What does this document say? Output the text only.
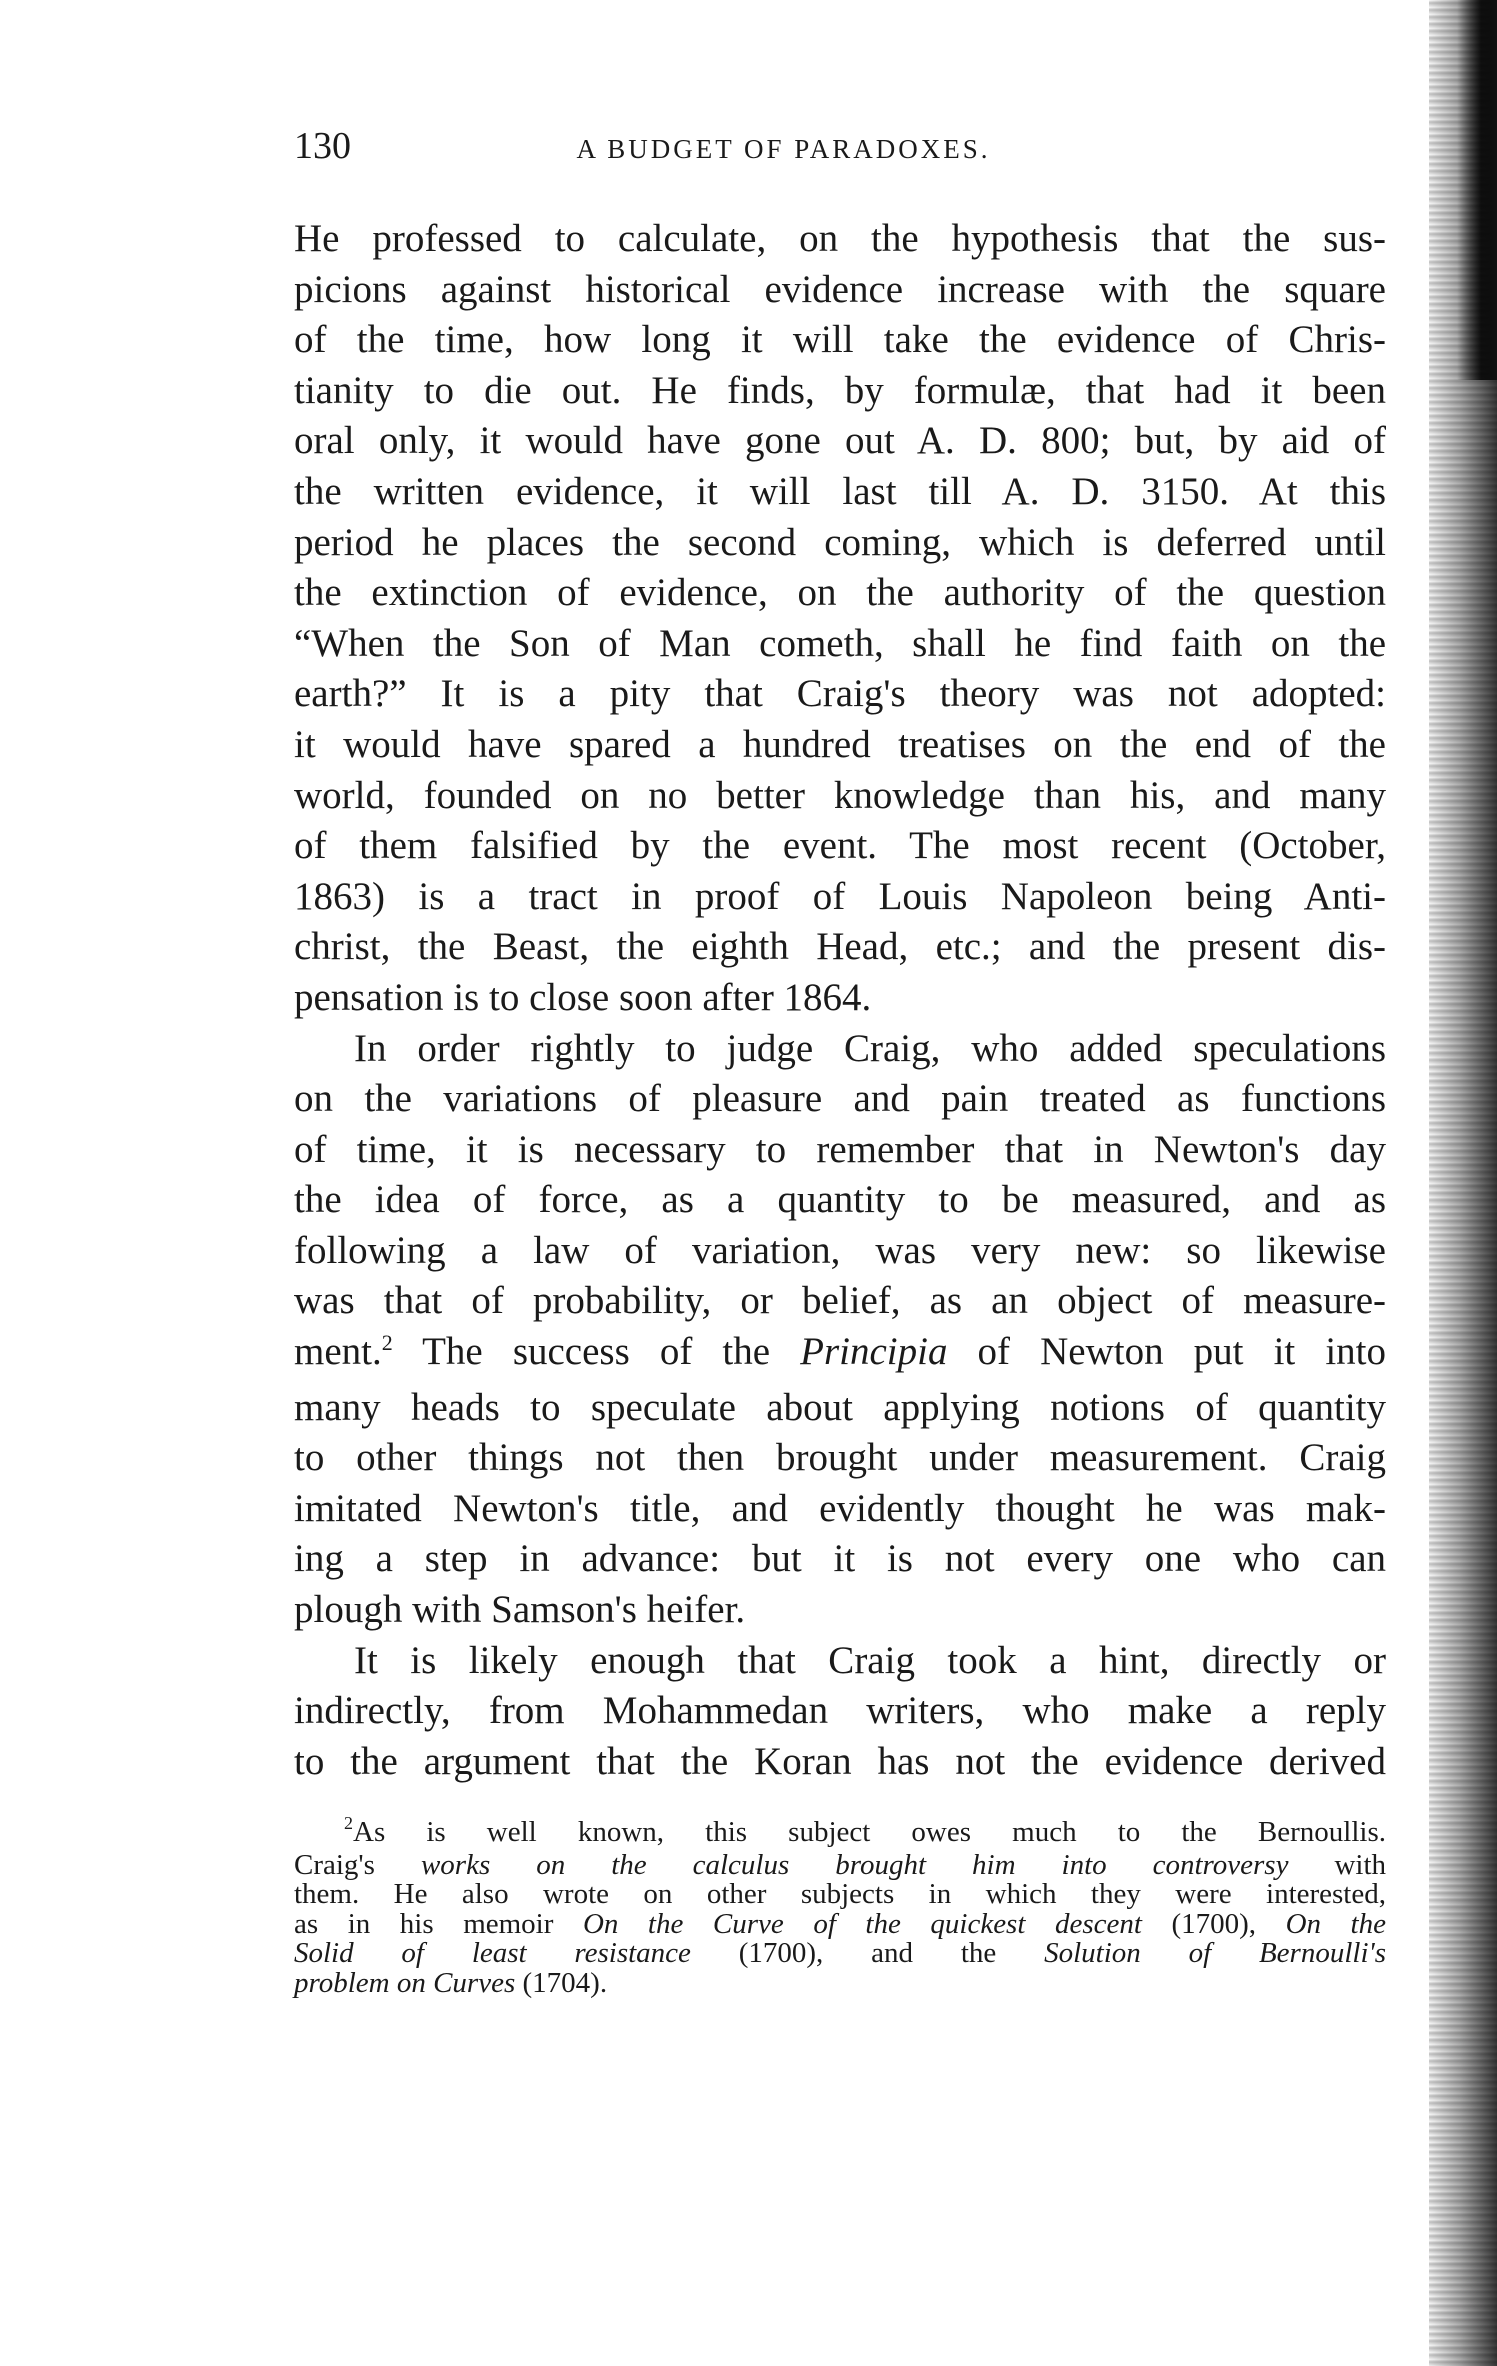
130	A BUDGET OF PARADOXES.

He professed to calculate, on the hypothesis that the sus-
picions against historical evidence increase with the square
of the time, how long it will take the evidence of Chris-
tianity to die out. He finds, by formulæ, that had it been
oral only, it would have gone out A. D. 800; but, by aid of
the written evidence, it will last till A. D. 3150. At this
period he places the second coming, which is deferred until
the extinction of evidence, on the authority of the question
“When the Son of Man cometh, shall he find faith on the
earth?” It is a pity that Craig's theory was not adopted:
it would have spared a hundred treatises on the end of the
world, founded on no better knowledge than his, and many
of them falsified by the event. The most recent (October,
1863) is a tract in proof of Louis Napoleon being Anti-
christ, the Beast, the eighth Head, etc.; and the present dis-
pensation is to close soon after 1864.

In order rightly to judge Craig, who added speculations
on the variations of pleasure and pain treated as functions
of time, it is necessary to remember that in Newton's day
the idea of force, as a quantity to be measured, and as
following a law of variation, was very new: so likewise
was that of probability, or belief, as an object of measure-
ment.$^2$ The success of the Principia of Newton put it into
many heads to speculate about applying notions of quantity
to other things not then brought under measurement. Craig
imitated Newton's title, and evidently thought he was mak-
ing a step in advance: but it is not every one who can
plough with Samson's heifer.

It is likely enough that Craig took a hint, directly or
indirectly, from Mohammedan writers, who make a reply
to the argument that the Koran has not the evidence derived

$^2$As is well known, this subject owes much to the Bernoullis.
Craig's works on the calculus brought him into controversy with
them. He also wrote on other subjects in which they were interested,
as in his memoir On the Curve of the quickest descent (1700), On the
Solid of least resistance (1700), and the Solution of Bernoulli's
problem on Curves (1704).
